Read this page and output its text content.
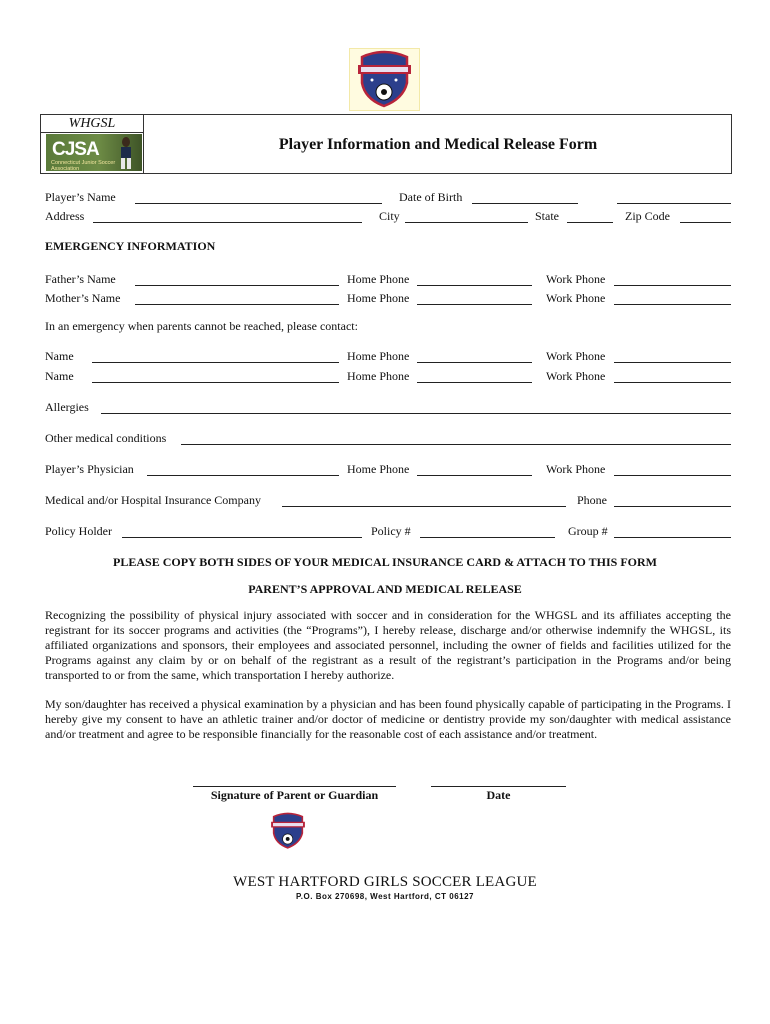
WHGSL
CJSA
Connecticut Junior Soccer Association
Player Information and Medical Release Form
Player’s Name	Date of Birth
Address	City	State	Zip Code
EMERGENCY INFORMATION
Father’s Name	Home Phone	Work Phone
Mother’s Name	Home Phone	Work Phone
In an emergency when parents cannot be reached, please contact:
Name	Home Phone	Work Phone
Name	Home Phone	Work Phone
Allergies
Other medical conditions
Player’s Physician	Home Phone	Work Phone
Medical and/or Hospital Insurance Company	Phone
Policy Holder	Policy #	Group #
PLEASE COPY BOTH SIDES OF YOUR MEDICAL INSURANCE CARD & ATTACH TO THIS FORM
PARENT’S APPROVAL AND MEDICAL RELEASE
Recognizing the possibility of physical injury associated with soccer and in consideration for the WHGSL and its affiliates accepting the registrant for its soccer programs and activities (the “Programs”), I hereby release, discharge and/or otherwise indemnify the WHGSL, its affiliated organizations and sponsors, their employees and associated personnel, including the owner of fields and facilities utilized for the Programs against any claim by or on behalf of the registrant as a result of the registrant’s participation in the Programs and/or being transported to or from the same, which transportation I hereby authorize.
My son/daughter has received a physical examination by a physician and has been found physically capable of participating in the Programs. I hereby give my consent to have an athletic trainer and/or doctor of medicine or dentistry provide my son/daughter with medical assistance and/or treatment and agree to be responsible financially for the reasonable cost of each assistance and/or treatment.
Signature of Parent or Guardian	Date
WEST HARTFORD GIRLS SOCCER LEAGUE
P.O. Box 270698, West Hartford, CT 06127
